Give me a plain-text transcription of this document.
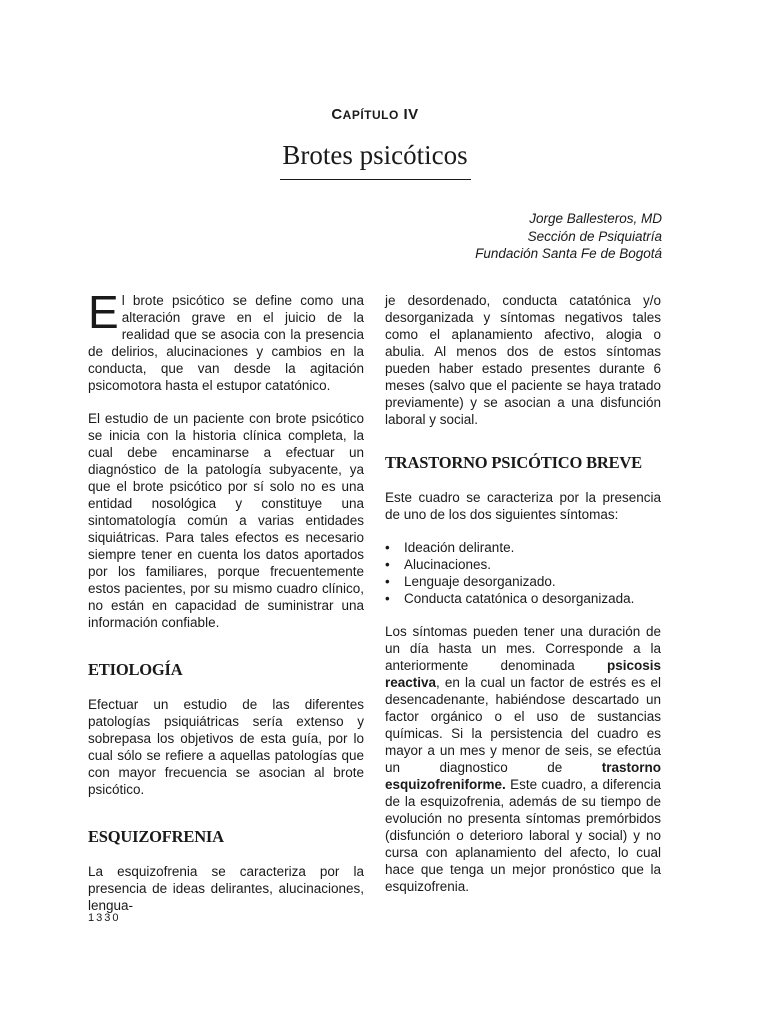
CAPÍTULO IV
Brotes psicóticos
Jorge Ballesteros, MD
Sección de Psiquiatría
Fundación Santa Fe de Bogotá

El brote psicótico se define como una alteración grave en el juicio de la realidad que se asocia con la presencia de delirios, alucinaciones y cambios en la conducta, que van desde la agitación psicomotora hasta el estupor catatónico.

El estudio de un paciente con brote psicótico se inicia con la historia clínica completa, la cual debe encaminarse a efectuar un diagnóstico de la patología subyacente, ya que el brote psicótico por sí solo no es una entidad nosológica y constituye una sintomatología común a varias entidades siquiátricas. Para tales efectos es necesario siempre tener en cuenta los datos aportados por los familiares, porque frecuentemente estos pacientes, por su mismo cuadro clínico, no están en capacidad de suministrar una información confiable.

ETIOLOGÍA

Efectuar un estudio de las diferentes patologías psiquiátricas sería extenso y sobrepasa los objetivos de esta guía, por lo cual sólo se refiere a aquellas patologías que con mayor frecuencia se asocian al brote psicótico.

ESQUIZOFRENIA

La esquizofrenia se caracteriza por la presencia de ideas delirantes, alucinaciones, lengua-

je desordenado, conducta catatónica y/o desorganizada y síntomas negativos tales como el aplanamiento afectivo, alogia o abulia. Al menos dos de estos síntomas pueden haber estado presentes durante 6 meses (salvo que el paciente se haya tratado previamente) y se asocian a una disfunción laboral y social.

TRASTORNO PSICÓTICO BREVE

Este cuadro se caracteriza por la presencia de uno de los dos siguientes síntomas:

• Ideación delirante.
• Alucinaciones.
• Lenguaje desorganizado.
• Conducta catatónica o desorganizada.

Los síntomas pueden tener una duración de un día hasta un mes. Corresponde a la anteriormente denominada psicosis reactiva, en la cual un factor de estrés es el desencadenante, habiéndose descartado un factor orgánico o el uso de sustancias químicas. Si la persistencia del cuadro es mayor a un mes y menor de seis, se efectúa un diagnostico de trastorno esquizofreniforme. Este cuadro, a diferencia de la esquizofrenia, además de su tiempo de evolución no presenta síntomas premórbidos (disfunción o deterioro laboral y social) y no cursa con aplanamiento del afecto, lo cual hace que tenga un mejor pronóstico que la esquizofrenia.

1330
